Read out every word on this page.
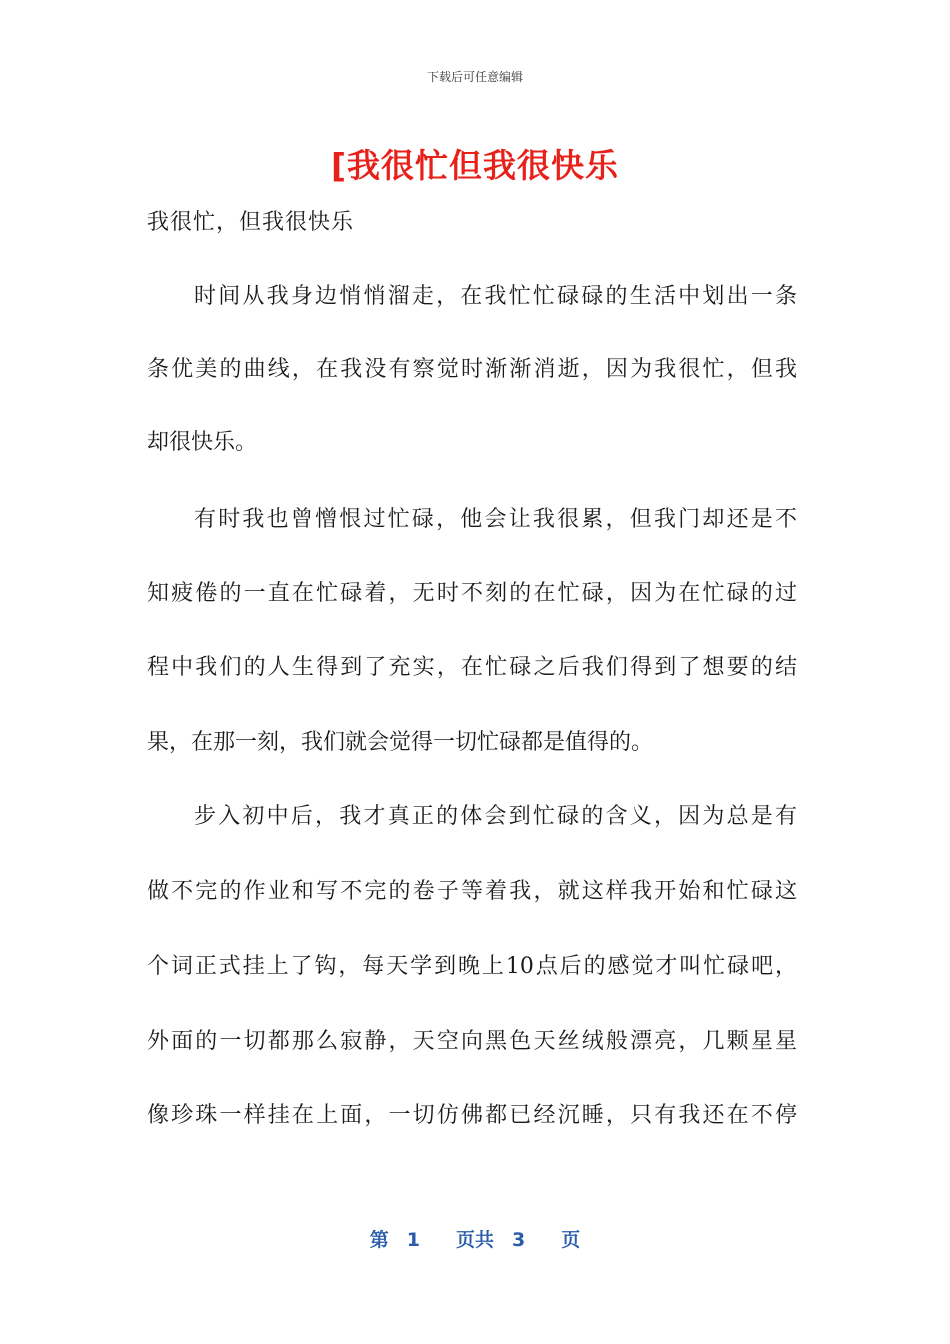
下载后可任意编辑
[我很忙但我很快乐
我很忙，但我很快乐
时间从我身边悄悄溜走，在我忙忙碌碌的生活中划出一条
条优美的曲线，在我没有察觉时渐渐消逝，因为我很忙，但我
却很快乐。
有时我也曾憎恨过忙碌，他会让我很累，但我门却还是不
知疲倦的一直在忙碌着，无时不刻的在忙碌，因为在忙碌的过
程中我们的人生得到了充实，在忙碌之后我们得到了想要的结
果，在那一刻，我们就会觉得一切忙碌都是值得的。
步入初中后，我才真正的体会到忙碌的含义，因为总是有
做不完的作业和写不完的卷子等着我，就这样我开始和忙碌这
个词正式挂上了钩，每天学到晚上10点后的感觉才叫忙碌吧，
外面的一切都那么寂静，天空向黑色天丝绒般漂亮，几颗星星
像珍珠一样挂在上面，一切仿佛都已经沉睡，只有我还在不停
第 1 页共 3 页
